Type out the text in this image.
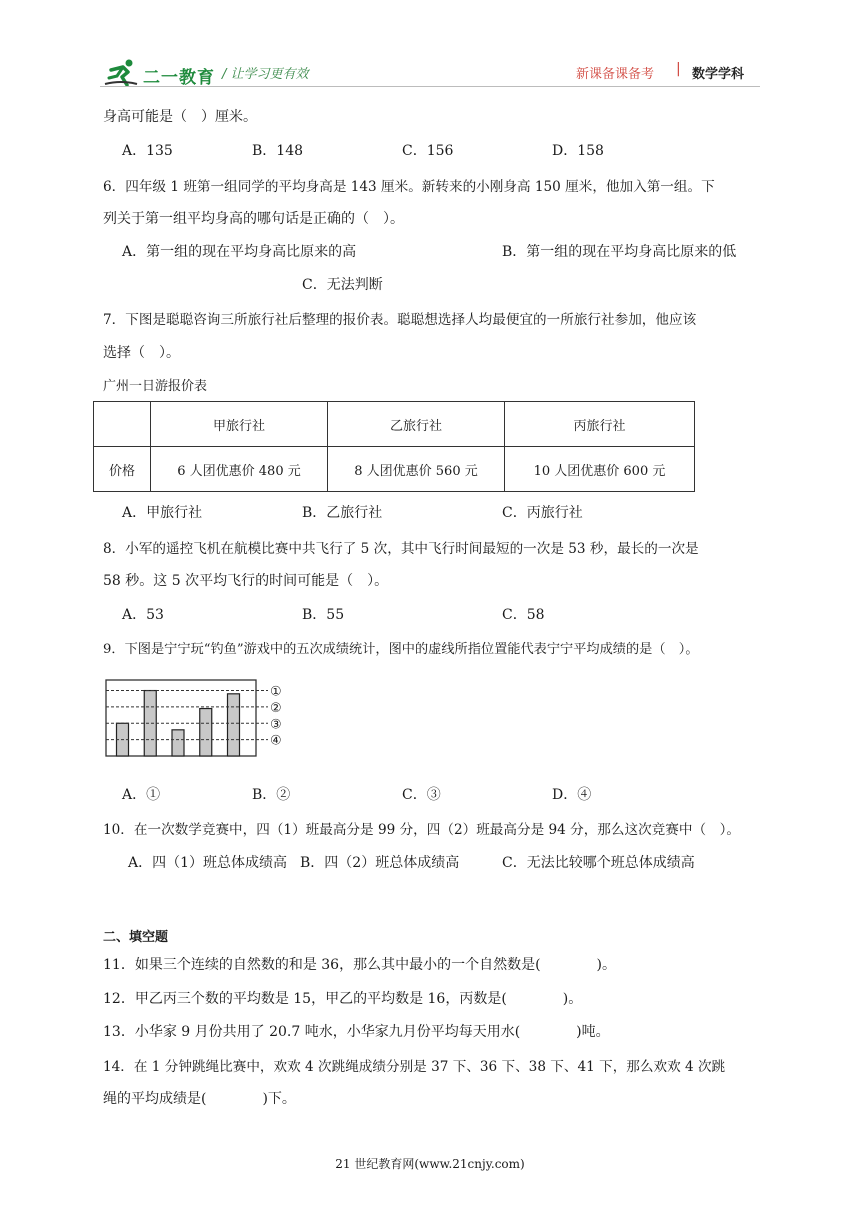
二一教育 / 让学习更有效	新课备课备考 | 数学学科
身高可能是（　）厘米。
A．135	B．148	C．156	D．158
6．四年级 1 班第一组同学的平均身高是 143 厘米。新转来的小刚身高 150 厘米，他加入第一组。下
列关于第一组平均身高的哪句话是正确的（　）。
A．第一组的现在平均身高比原来的高	B．第一组的现在平均身高比原来的低
C．无法判断
7．下图是聪聪咨询三所旅行社后整理的报价表。聪聪想选择人均最便宜的一所旅行社参加，他应该
选择（　）。
广州一日游报价表
	甲旅行社	乙旅行社	丙旅行社
价格	6 人团优惠价 480 元	8 人团优惠价 560 元	10 人团优惠价 600 元
A．甲旅行社	B．乙旅行社	C．丙旅行社
8．小军的遥控飞机在航模比赛中共飞行了 5 次，其中飞行时间最短的一次是 53 秒，最长的一次是
58 秒。这 5 次平均飞行的时间可能是（　）。
A．53	B．55	C．58
9．下图是宁宁玩“钓鱼”游戏中的五次成绩统计，图中的虚线所指位置能代表宁宁平均成绩的是（　）。
①
②
③
④
A．①	B．②	C．③	D．④
10．在一次数学竞赛中，四（1）班最高分是 99 分，四（2）班最高分是 94 分，那么这次竞赛中（　）。
A．四（1）班总体成绩高 B．四（2）班总体成绩高	C．无法比较哪个班总体成绩高
二、填空题
11．如果三个连续的自然数的和是 36，那么其中最小的一个自然数是(　　　　)。
12．甲乙丙三个数的平均数是 15，甲乙的平均数是 16，丙数是(　　　　)。
13．小华家 9 月份共用了 20.7 吨水，小华家九月份平均每天用水(　　　　)吨。
14．在 1 分钟跳绳比赛中，欢欢 4 次跳绳成绩分别是 37 下、36 下、38 下、41 下，那么欢欢 4 次跳
绳的平均成绩是(　　　　)下。
21 世纪教育网(www.21cnjy.com)
